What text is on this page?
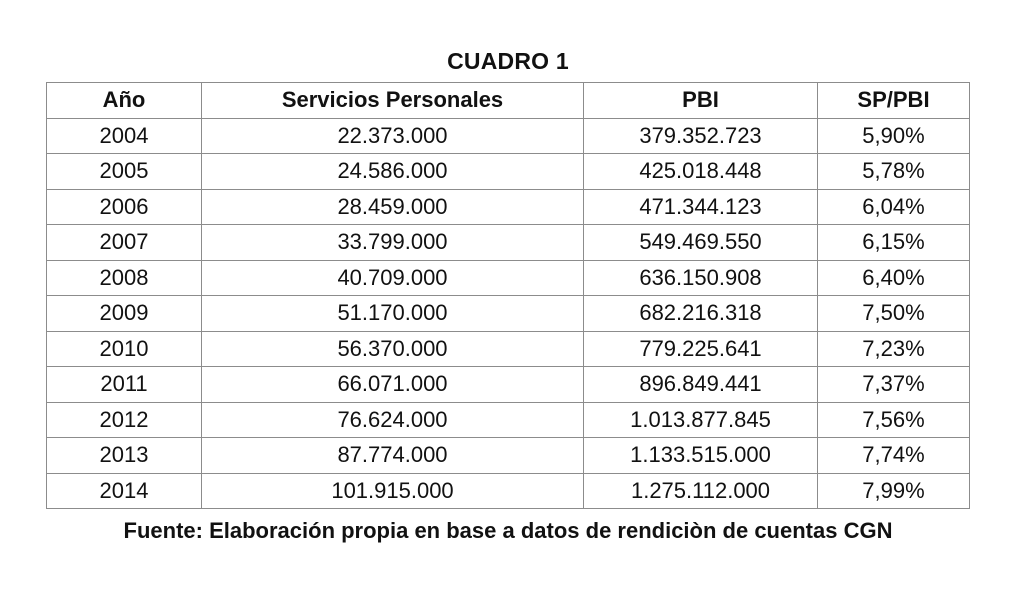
CUADRO 1
Año	Servicios Personales	PBI	SP/PBI
2004	22.373.000	379.352.723	5,90%
2005	24.586.000	425.018.448	5,78%
2006	28.459.000	471.344.123	6,04%
2007	33.799.000	549.469.550	6,15%
2008	40.709.000	636.150.908	6,40%
2009	51.170.000	682.216.318	7,50%
2010	56.370.000	779.225.641	7,23%
2011	66.071.000	896.849.441	7,37%
2012	76.624.000	1.013.877.845	7,56%
2013	87.774.000	1.133.515.000	7,74%
2014	101.915.000	1.275.112.000	7,99%
Fuente: Elaboración propia en base a datos de rendiciòn de cuentas CGN
